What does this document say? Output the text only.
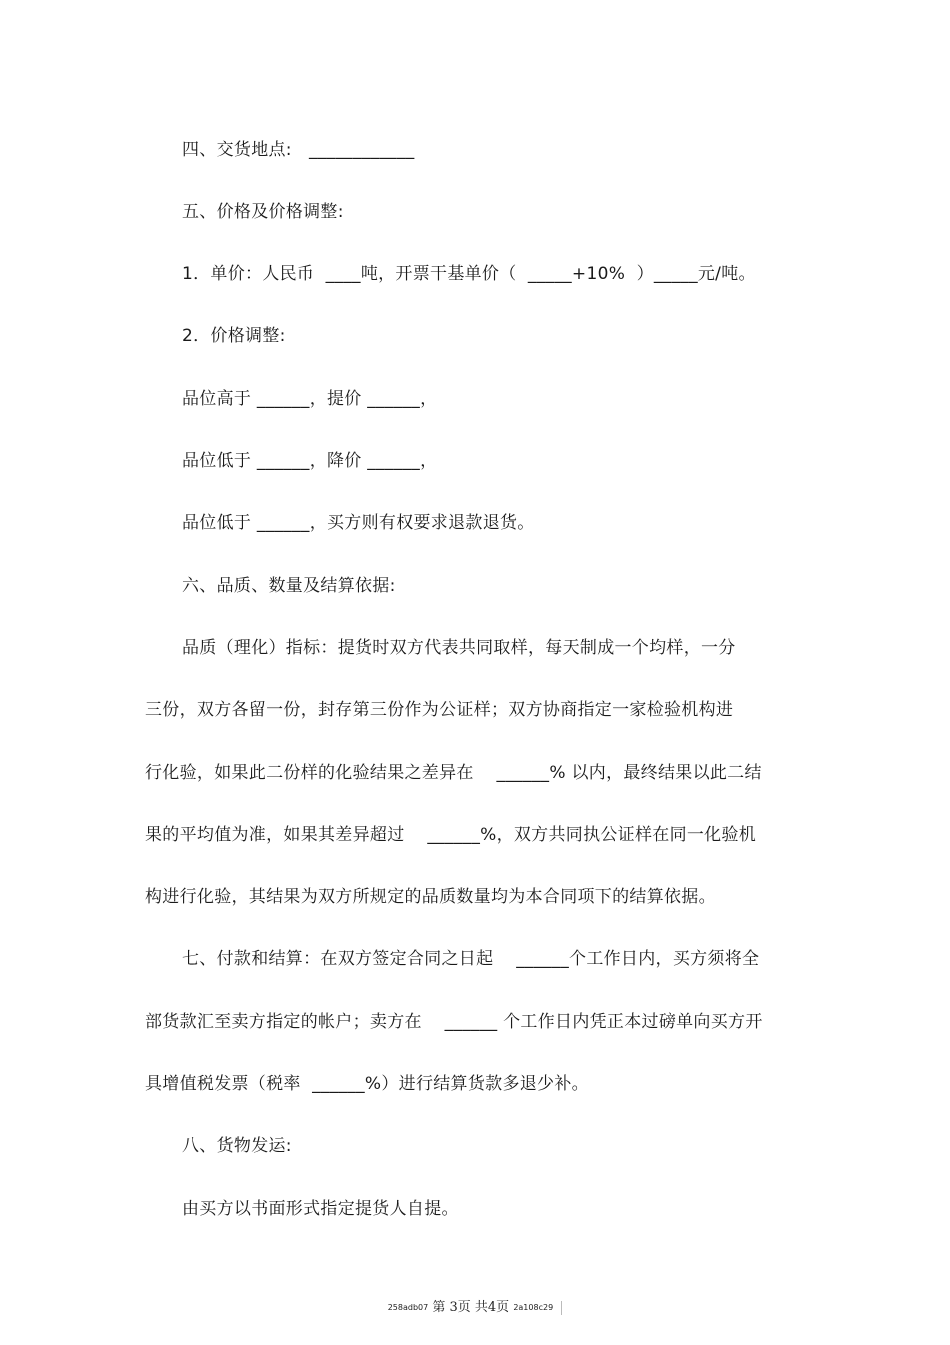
四、交货地点:   ____________
五、价格及价格调整:
1．单价：人民币  ____吨，开票干基单价（  _____+10%  ）_____元/吨。
2．价格调整:
品位高于 ______，提价 ______，
品位低于 ______，降价 ______，
品位低于 ______，买方则有权要求退款退货。
六、品质、数量及结算依据:
品质（理化）指标：提货时双方代表共同取样，每天制成一个均样，一分
三份，双方各留一份，封存第三份作为公证样；双方协商指定一家检验机构进
行化验，如果此二份样的化验结果之差异在    ______% 以内，最终结果以此二结
果的平均值为准，如果其差异超过    ______%，双方共同执公证样在同一化验机
构进行化验，其结果为双方所规定的品质数量均为本合同项下的结算依据。
七、付款和结算：在双方签定合同之日起    ______个工作日内，买方须将全
部货款汇至卖方指定的帐户；卖方在    ______ 个工作日内凭正本过磅单向买方开
具增值税发票（税率  ______%）进行结算货款多退少补。
八、货物发运:
由买方以书面形式指定提货人自提。
258adb07 第 3页 共4页 2a108c29
